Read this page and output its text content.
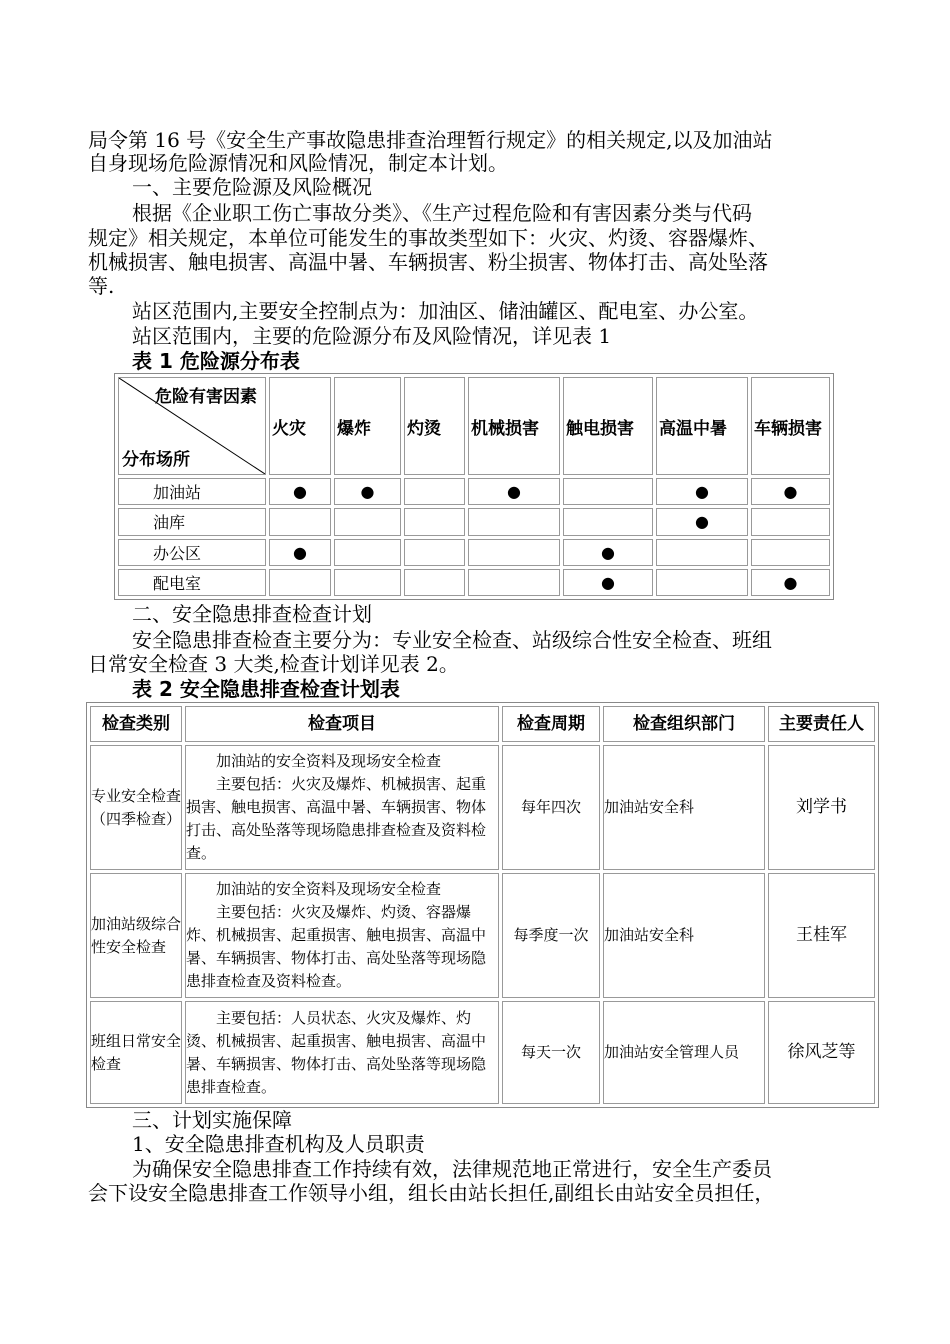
局令第 16 号《安全生产事故隐患排查治理暂行规定》的相关规定,以及加油站
自身现场危险源情况和风险情况，制定本计划。
一、主要危险源及风险概况
根据《企业职工伤亡事故分类》、《生产过程危险和有害因素分类与代码
规定》相关规定，本单位可能发生的事故类型如下：火灾、灼烫、容器爆炸、
机械损害、触电损害、高温中暑、车辆损害、粉尘损害、物体打击、高处坠落
等.
站区范围内,主要安全控制点为：加油区、储油罐区、配电室、办公室。
站区范围内，主要的危险源分布及风险情况，详见表 1
表 1 危险源分布表
危险有害因素
分布场所	火灾	爆炸	灼烫	机械损害	触电损害	高温中暑	车辆损害
加油站	●	●		●		●	●
油库						●	
办公区	●				●		
配电室					●		●
二、安全隐患排查检查计划
安全隐患排查检查主要分为：专业安全检查、站级综合性安全检查、班组
日常安全检查 3 大类,检查计划详见表 2。
表 2 安全隐患排查检查计划表
检查类别	检查项目	检查周期	检查组织部门	主要责任人
专业安全检查（四季检查）	加油站的安全资料及现场安全检查

主要包括：火灾及爆炸、机械损害、起重损害、触电损害、高温中暑、车辆损害、物体打击、高处坠落等现场隐患排查检查及资料检查。	每年四次	加油站安全科	刘学书
加油站级综合性安全检查	加油站的安全资料及现场安全检查

主要包括：火灾及爆炸、灼烫、容器爆炸、机械损害、起重损害、触电损害、高温中暑、车辆损害、物体打击、高处坠落等现场隐患排查检查及资料检查。	每季度一次	加油站安全科	王桂军
班组日常安全检查	主要包括：人员状态、火灾及爆炸、灼烫、机械损害、起重损害、触电损害、高温中暑、车辆损害、物体打击、高处坠落等现场隐患排查检查。	每天一次	加油站安全管理人员	徐风芝等
三、计划实施保障
1、安全隐患排查机构及人员职责
为确保安全隐患排查工作持续有效，法律规范地正常进行，安全生产委员
会下设安全隐患排查工作领导小组，组长由站长担任,副组长由站安全员担任，
